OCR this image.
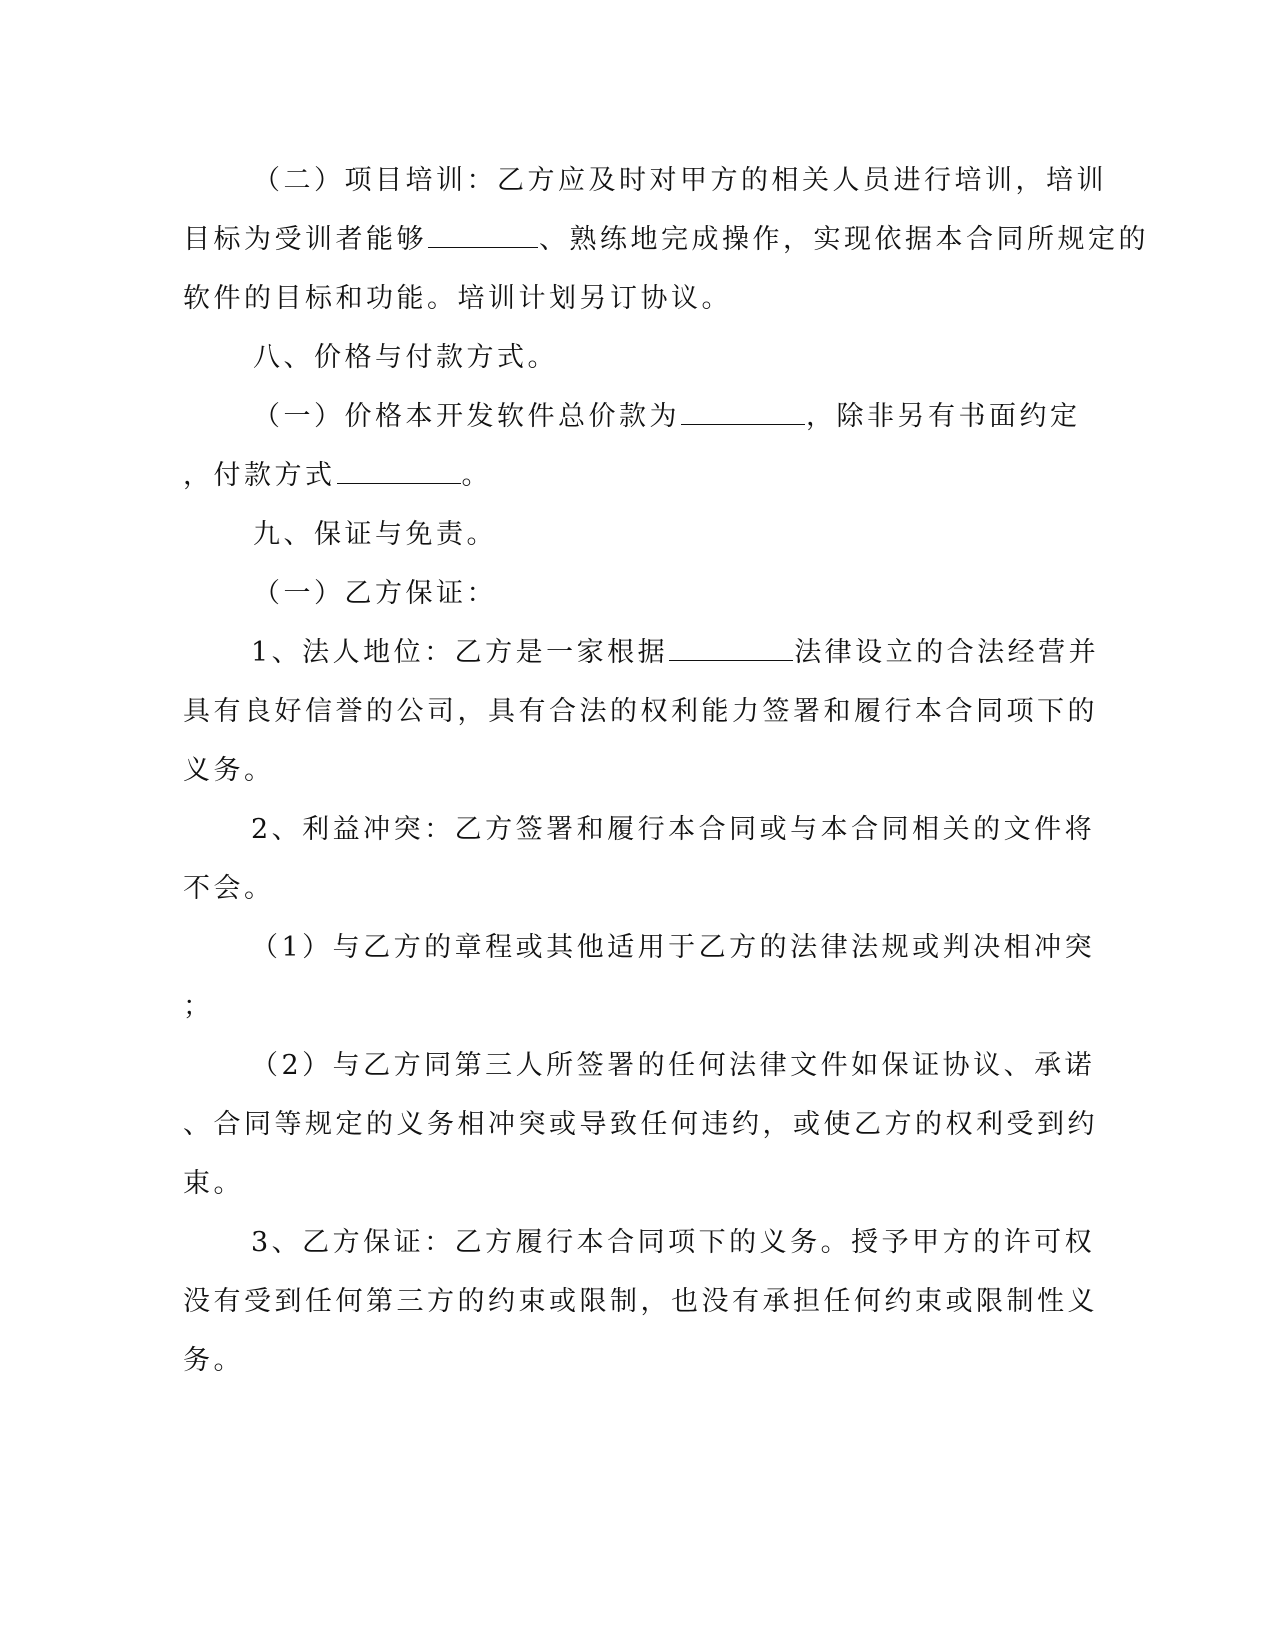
（二）项目培训：乙方应及时对甲方的相关人员进行培训，培训
目标为受训者能够	、熟练地完成操作，实现依据本合同所规定的
软件的目标和功能。培训计划另订协议。
八、价格与付款方式。
（一）价格本开发软件总价款为	，除非另有书面约定
，付款方式	。
九、保证与免责。
（一）乙方保证：
1、法人地位：乙方是一家根据	法律设立的合法经营并
具有良好信誉的公司，具有合法的权利能力签署和履行本合同项下的
义务。
2、利益冲突：乙方签署和履行本合同或与本合同相关的文件将
不会。
（1）与乙方的章程或其他适用于乙方的法律法规或判决相冲突
；
（2）与乙方同第三人所签署的任何法律文件如保证协议、承诺
、合同等规定的义务相冲突或导致任何违约，或使乙方的权利受到约
束。
3、乙方保证：乙方履行本合同项下的义务。授予甲方的许可权
没有受到任何第三方的约束或限制，也没有承担任何约束或限制性义
务。
